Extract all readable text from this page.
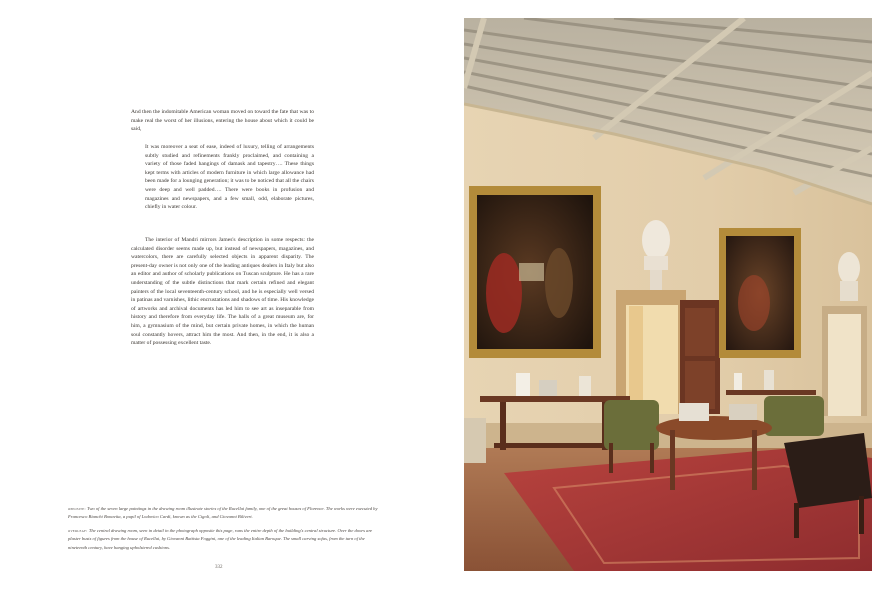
And then the indomitable American woman moved on toward the fate that was to make real the worst of her illusions, entering the house about which it could be said,

It was moreover a seat of ease, indeed of luxury, telling of arrangements subtly studied and refinements frankly proclaimed, and containing a variety of those faded hangings of damask and tapestry…. These things kept terms with articles of modern furniture in which large allowance had been made for a lounging generation; it was to be noticed that all the chairs were deep and well padded…. There were books in profusion and magazines and newspapers, and a few small, odd, elaborate pictures, chiefly in water colour.

The interior of Mandri mirrors James's description in some respects: the calculated disorder seems made up, but instead of newspapers, magazines, and watercolors, there are carefully selected objects in apparent disparity. The present-day owner is not only one of the leading antiques dealers in Italy but also an editor and author of scholarly publications on Tuscan sculpture. He has a rare understanding of the subtle distinctions that mark certain refined and elegant painters of the local seventeenth-century school, and he is especially well versed in patinas and varnishes, lithic encrustations and shadows of time. His knowledge of artworks and archival documents has led him to see art as inseparable from history and therefore from everyday life. The halls of a great museum are, for him, a gymnasium of the mind, but certain private homes, in which the human soul constantly hovers, attract him the most. And then, in the end, it is also a matter of possessing excellent taste.

opposite: Two of the seven large paintings in the drawing room illustrate stories of the Rucellai family, one of the great houses of Florence. The works were executed by Francesco Bianchi Bonavita, a pupil of Lodovico Cardi, known as the Cigoli, and Giovanni Bilivert.

overleaf: The central drawing room, seen in detail in the photograph opposite this page, runs the entire depth of the building's central structure. Over the doors are plaster busts of figures from the house of Rucellai, by Giovanni Battista Foggini, one of the leading Italian Baroque. The small carving sofas, from the turn of the nineteenth century, have hanging upholstered cushions.

332
